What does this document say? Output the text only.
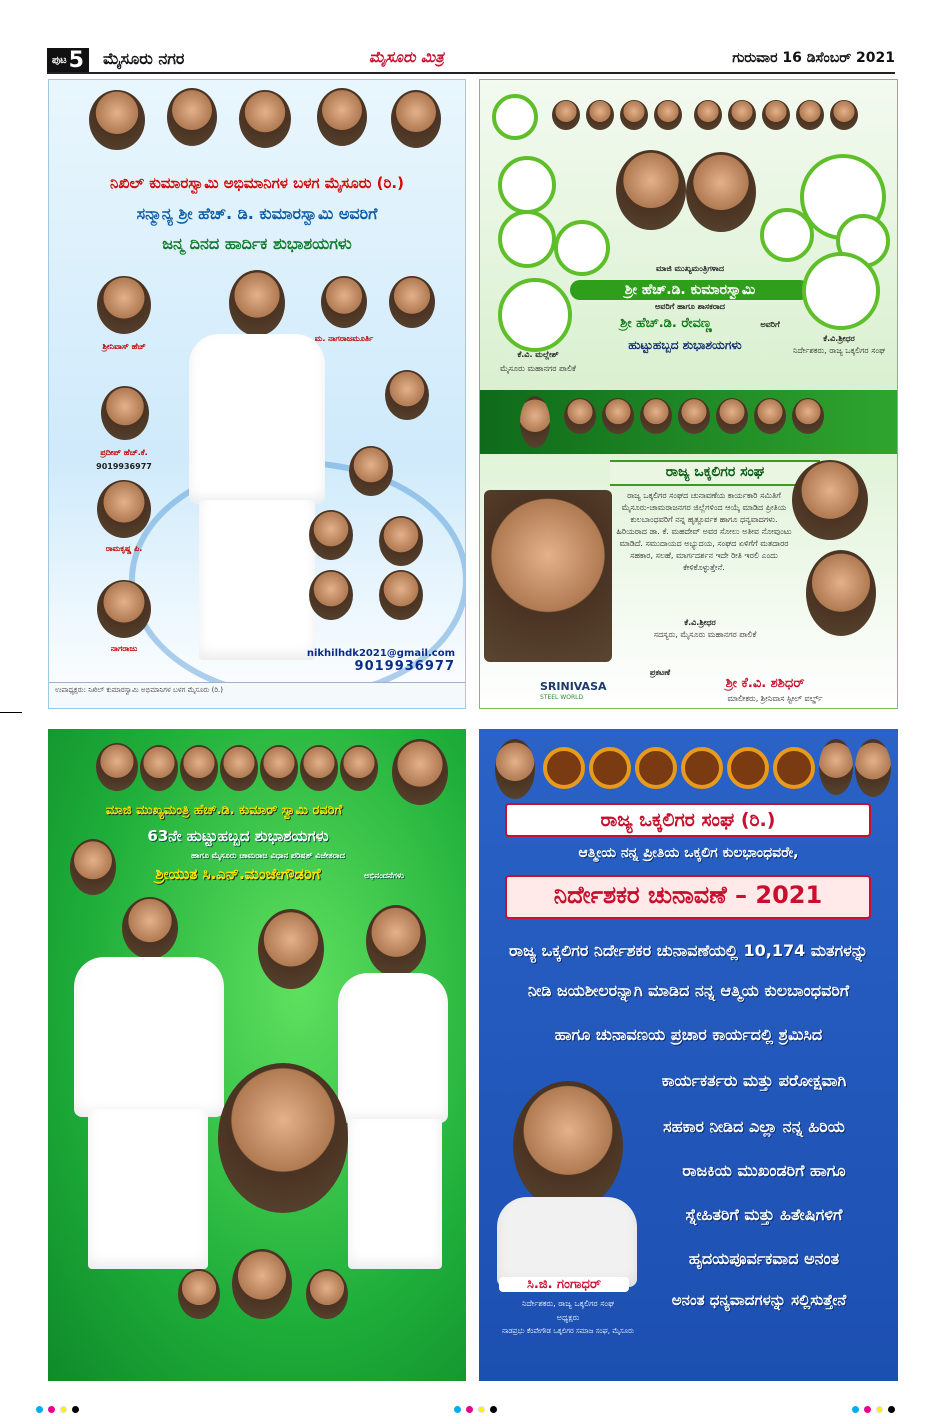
ಪುಟ 5 ಮೈಸೂರು ನಗರ	ಮೈಸೂರು ಮಿತ್ರ	ಗುರುವಾರ 16 ಡಿಸೆಂಬರ್ 2021
ನಿಖಿಲ್ ಕುಮಾರಸ್ವಾಮಿ ಅಭಿಮಾನಿಗಳ ಬಳಗ ಮೈಸೂರು (ರಿ.)
ಸನ್ಮಾನ್ಯ ಶ್ರೀ ಹೆಚ್. ಡಿ. ಕುಮಾರಸ್ವಾಮಿ ಅವರಿಗೆ
ಜನ್ಮ ದಿನದ ಹಾರ್ದಿಕ ಶುಭಾಶಯಗಳು
ಶ್ರೀನಿವಾಸ್ ಹೆಚ್
ಪ್ರದೀಪ್ ಹೆಚ್.ಕೆ.
9019936977
ರಾಮಕೃಷ್ಣ ಪಿ.
ನಾಗರಾಜು
ಮ. ನಾಗರಾಜಮೂರ್ತಿ
nikhilhdk2021@gmail.com
9019936977
ಉಪಾಧ್ಯಕ್ಷರು: ನಿಖಿಲ್ ಕುಮಾರಸ್ವಾಮಿ ಅಭಿಮಾನಿಗಳ ಬಳಗ ಮೈಸೂರು (ರಿ.)
ಮಾಜಿ ಮುಖ್ಯಮಂತ್ರಿಗಳಾದ
ಶ್ರೀ ಹೆಚ್.ಡಿ. ಕುಮಾರಸ್ವಾಮಿ
ಅವರಿಗೆ ಹಾಗೂ ಶಾಸಕರಾದ
ಶ್ರೀ ಹೆಚ್.ಡಿ. ರೇವಣ್ಣ	ಅವರಿಗೆ
ಹುಟ್ಟುಹಬ್ಬದ ಶುಭಾಶಯಗಳು
ಕೆ.ವಿ. ಮಲ್ಲೇಶ್
ಮೈಸೂರು ಮಹಾನಗರ ಪಾಲಿಕೆ
ಕೆ.ವಿ.ಶ್ರೀಧರ
ನಿರ್ದೇಶಕರು, ರಾಜ್ಯ ಒಕ್ಕಲಿಗರ ಸಂಘ
ರಾಜ್ಯ ಒಕ್ಕಲಿಗರ ಸಂಘ
ರಾಜ್ಯ ಒಕ್ಕಲಿಗರ ಸಂಘದ ಚುನಾವಣೆಯ ಕಾರ್ಯಕಾರಿ ಸಮಿತಿಗೆ ಮೈಸೂರು-ಚಾಮರಾಜನಗರ ಜಿಲ್ಲೆಗಳಿಂದ ಆಯ್ಕೆ ಮಾಡಿದ ಪ್ರೀತಿಯ ಕುಲಬಾಂಧವರಿಗೆ ನನ್ನ ಹೃತ್ಪೂರ್ವಕ ಹಾಗೂ ಧನ್ಯವಾದಗಳು. ಹಿರಿಯರಾದ ಡಾ. ಕೆ. ಮಹದೇವ್ ಅವರ ಸೋಲು ಅತೀವ ನೋವುಂಟು ಮಾಡಿದೆ. ಸಮುದಾಯದ ಅಭ್ಯುದಯ, ಸಂಘದ ಏಳಿಗೆಗೆ ಮತದಾರರ ಸಹಕಾರ, ಸಲಹೆ, ಮಾರ್ಗದರ್ಶನ ಇದೇ ರೀತಿ ಇರಲಿ ಎಂದು ಕೇಳಿಕೊಳ್ಳುತ್ತೇನೆ.
ಕೆ.ವಿ.ಶ್ರೀಧರ
ಸದಸ್ಯರು, ಮೈಸೂರು ಮಹಾನಗರ ಪಾಲಿಕೆ
ಪ್ರಕಟಣೆ
ಶ್ರೀ ಕೆ.ವಿ. ಶಶಿಧರ್
ಮಾಲೀಕರು, ಶ್ರೀನಿವಾಸ ಸ್ಟೀಲ್ ವರ್ಲ್ಡ್
SRINIVASA
STEEL WORLD
ಮಾಜಿ ಮುಖ್ಯಮಂತ್ರಿ ಹೆಚ್.ಡಿ. ಕುಮಾರ್ ಸ್ವಾಮಿ ರವರಿಗೆ
63ನೇ ಹುಟ್ಟುಹಬ್ಬದ ಶುಭಾಶಯಗಳು
ಹಾಗೂ ಮೈಸೂರು ಚಾಮರಾಜ ವಿಧಾನ ಪರಿಷತ್ ವಿಜೇತರಾದ
ಶ್ರೀಯುತ ಸಿ.ಎನ್.ಮಂಜೇಗೌಡರಿಗೆ	ಅಭಿನಂದನೆಗಳು
ರಾಜ್ಯ ಒಕ್ಕಲಿಗರ ಸಂಘ (ರಿ.)
ಆತ್ಮೀಯ ನನ್ನ ಪ್ರೀತಿಯ ಒಕ್ಕಲಿಗ ಕುಲಭಾಂಧವರೇ,
ನಿರ್ದೇಶಕರ ಚುನಾವಣೆ – 2021
ರಾಜ್ಯ ಒಕ್ಕಲಿಗರ ನಿರ್ದೇಶಕರ ಚುನಾವಣೆಯಲ್ಲಿ 10,174 ಮತಗಳನ್ನು
ನೀಡಿ ಜಯಶೀಲರನ್ನಾಗಿ ಮಾಡಿದ ನನ್ನ ಆತ್ಮಿಯ ಕುಲಬಾಂಧವರಿಗೆ
ಹಾಗೂ ಚುನಾವಣಯ ಪ್ರಚಾರ ಕಾರ್ಯದಲ್ಲಿ ಶ್ರಮಿಸಿದ
ಕಾರ್ಯಕರ್ತರು ಮತ್ತು ಪರೋಕ್ಷವಾಗಿ
ಸಹಕಾರ ನೀಡಿದ ಎಲ್ಲಾ ನನ್ನ ಹಿರಿಯ
ರಾಜಕಿಯ ಮುಖಂಡರಿಗೆ ಹಾಗೂ
ಸ್ನೇಹಿತರಿಗೆ ಮತ್ತು ಹಿತೇಷಿಗಳಿಗೆ
ಹೃದಯಪೂರ್ವಕವಾದ ಅನಂತ
ಅನಂತ ಧನ್ಯವಾದಗಳನ್ನು ಸಲ್ಲಿಸುತ್ತೇನೆ
ಸಿ.ಜಿ. ಗಂಗಾಧರ್
ನಿರ್ದೇಶಕರು, ರಾಜ್ಯ ಒಕ್ಕಲಿಗರ ಸಂಘ
ಅಧ್ಯಕ್ಷರು
ನಾಡಪ್ರಭು ಕೆಂಪೇಗೌಡ ಒಕ್ಕಲಿಗರ ಸಮಾಜ ಸಂಘ, ಮೈಸೂರು
